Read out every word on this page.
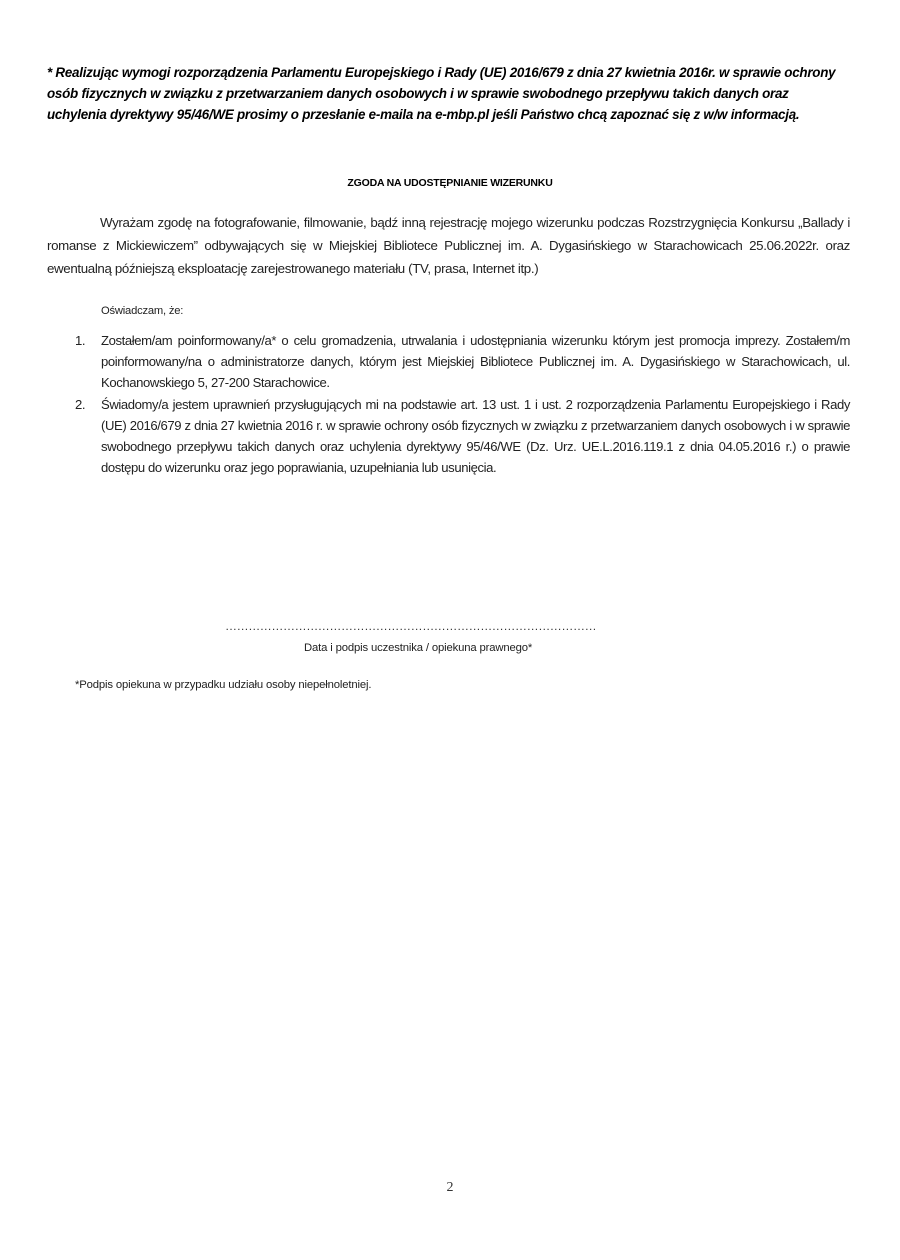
* Realizując wymogi rozporządzenia Parlamentu Europejskiego i Rady (UE) 2016/679 z dnia 27 kwietnia 2016r. w sprawie ochrony osób fizycznych w związku z przetwarzaniem danych osobowych i w sprawie swobodnego przepływu takich danych oraz uchylenia dyrektywy 95/46/WE prosimy o przesłanie e-maila na e-mbp.pl jeśli Państwo chcą zapoznać się z w/w informacją.
ZGODA NA UDOSTĘPNIANIE WIZERUNKU
Wyrażam zgodę na fotografowanie, filmowanie, bądź inną rejestrację mojego wizerunku podczas Rozstrzygnięcia Konkursu „Ballady i romanse z Mickiewiczem” odbywających się w Miejskiej Bibliotece Publicznej im. A. Dygasińskiego w Starachowicach 25.06.2022r. oraz ewentualną późniejszą eksploatację zarejestrowanego materiału (TV, prasa, Internet itp.)
Oświadczam, że:
1. Zostałem/am poinformowany/a* o celu gromadzenia, utrwalania i udostępniania wizerunku którym jest promocja imprezy. Zostałem/m poinformowany/na o administratorze danych, którym jest Miejskiej Bibliotece Publicznej im. A. Dygasińskiego w Starachowicach, ul. Kochanowskiego 5, 27-200 Starachowice.
2. Świadomy/a jestem uprawnień przysługujących mi na podstawie art. 13 ust. 1 i ust. 2 rozporządzenia Parlamentu Europejskiego i Rady (UE) 2016/679 z dnia 27 kwietnia 2016 r. w sprawie ochrony osób fizycznych w związku z przetwarzaniem danych osobowych i w sprawie swobodnego przepływu takich danych oraz uchylenia dyrektywy 95/46/WE (Dz. Urz. UE.L.2016.119.1 z dnia 04.05.2016 r.) o prawie dostępu do wizerunku oraz jego poprawiania, uzupełniania lub usunięcia.
……………………………………………………………………………………
Data i podpis uczestnika / opiekuna prawnego*
*Podpis opiekuna w przypadku udziału osoby niepełnoletniej.
2
